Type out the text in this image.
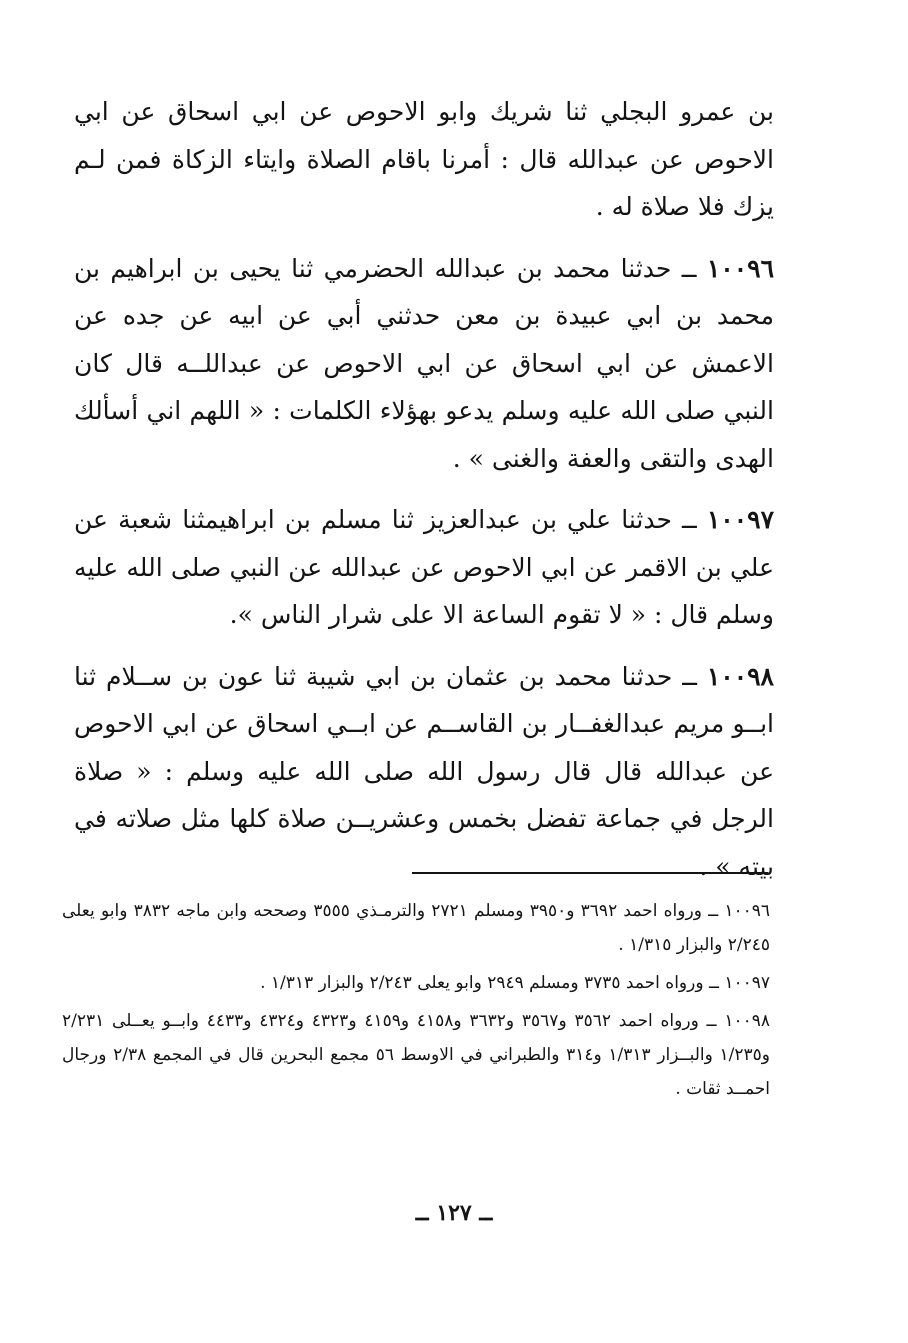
بن عمرو البجلي ثنا شريك وابو الاحوص عن ابي اسحاق عن ابي الاحوص عن عبدالله قال : أمرنا باقام الصلاة وايتاء الزكاة فمن لـم يزك فلا صلاة له .

١٠٠٩٦ ــ حدثنا محمد بن عبدالله الحضرمي ثنا يحيى بن ابراهيم بن محمد بن ابي عبيدة بن معن حدثني أبي عن ابيه عن جده عن الاعمش عن ابي اسحاق عن ابي الاحوص عن عبداللــه قال كان النبي صلى الله عليه وسلم يدعو بهؤلاء الكلمات : « اللهم اني أسألك الهدى والتقى والعفة والغنى » .

١٠٠٩٧ ــ حدثنا علي بن عبدالعزيز ثنا مسلم بن ابراهيمثنا شعبة عن علي بن الاقمر عن ابي الاحوص عن عبدالله عن النبي صلى الله عليه وسلم قال : « لا تقوم الساعة الا على شرار الناس ».

١٠٠٩٨ ــ حدثنا محمد بن عثمان بن ابي شيبة ثنا عون بن ســلام ثنا ابــو مريم عبدالغفــار بن القاســم عن ابــي اسحاق عن ابي الاحوص عن عبدالله قال قال رسول الله صلى الله عليه وسلم : « صلاة الرجل في جماعة تفضل بخمس وعشريــن صلاة كلها مثل صلاته في بيته » .

١٠٠٩٦ ــ ورواه احمد ٣٦٩٢ و٣٩٥٠ ومسلم ٢٧٢١ والترمـذي ٣٥٥٥ وصححه وابن ماجه ٣٨٣٢ وابو يعلى ٢/٢٤٥ والبزار ١/٣١٥ .

١٠٠٩٧ ــ ورواه احمد ٣٧٣٥ ومسلم ٢٩٤٩ وابو يعلى ٢/٢٤٣ والبزار ١/٣١٣ .

١٠٠٩٨ ــ ورواه احمد ٣٥٦٢ و٣٥٦٧ و٣٦٣٢ و٤١٥٨ و٤١٥٩ و٤٣٢٣ و٤٣٢٤ و٤٤٣٣ وابــو يعــلى ٢/٢٣١ و١/٢٣٥ والبــزار ١/٣١٣ و٣١٤ والطبراني في الاوسط ٥٦ مجمع البحرين قال في المجمع ٢/٣٨ ورجال احمــد ثقات .

ــ ١٢٧ ــ
